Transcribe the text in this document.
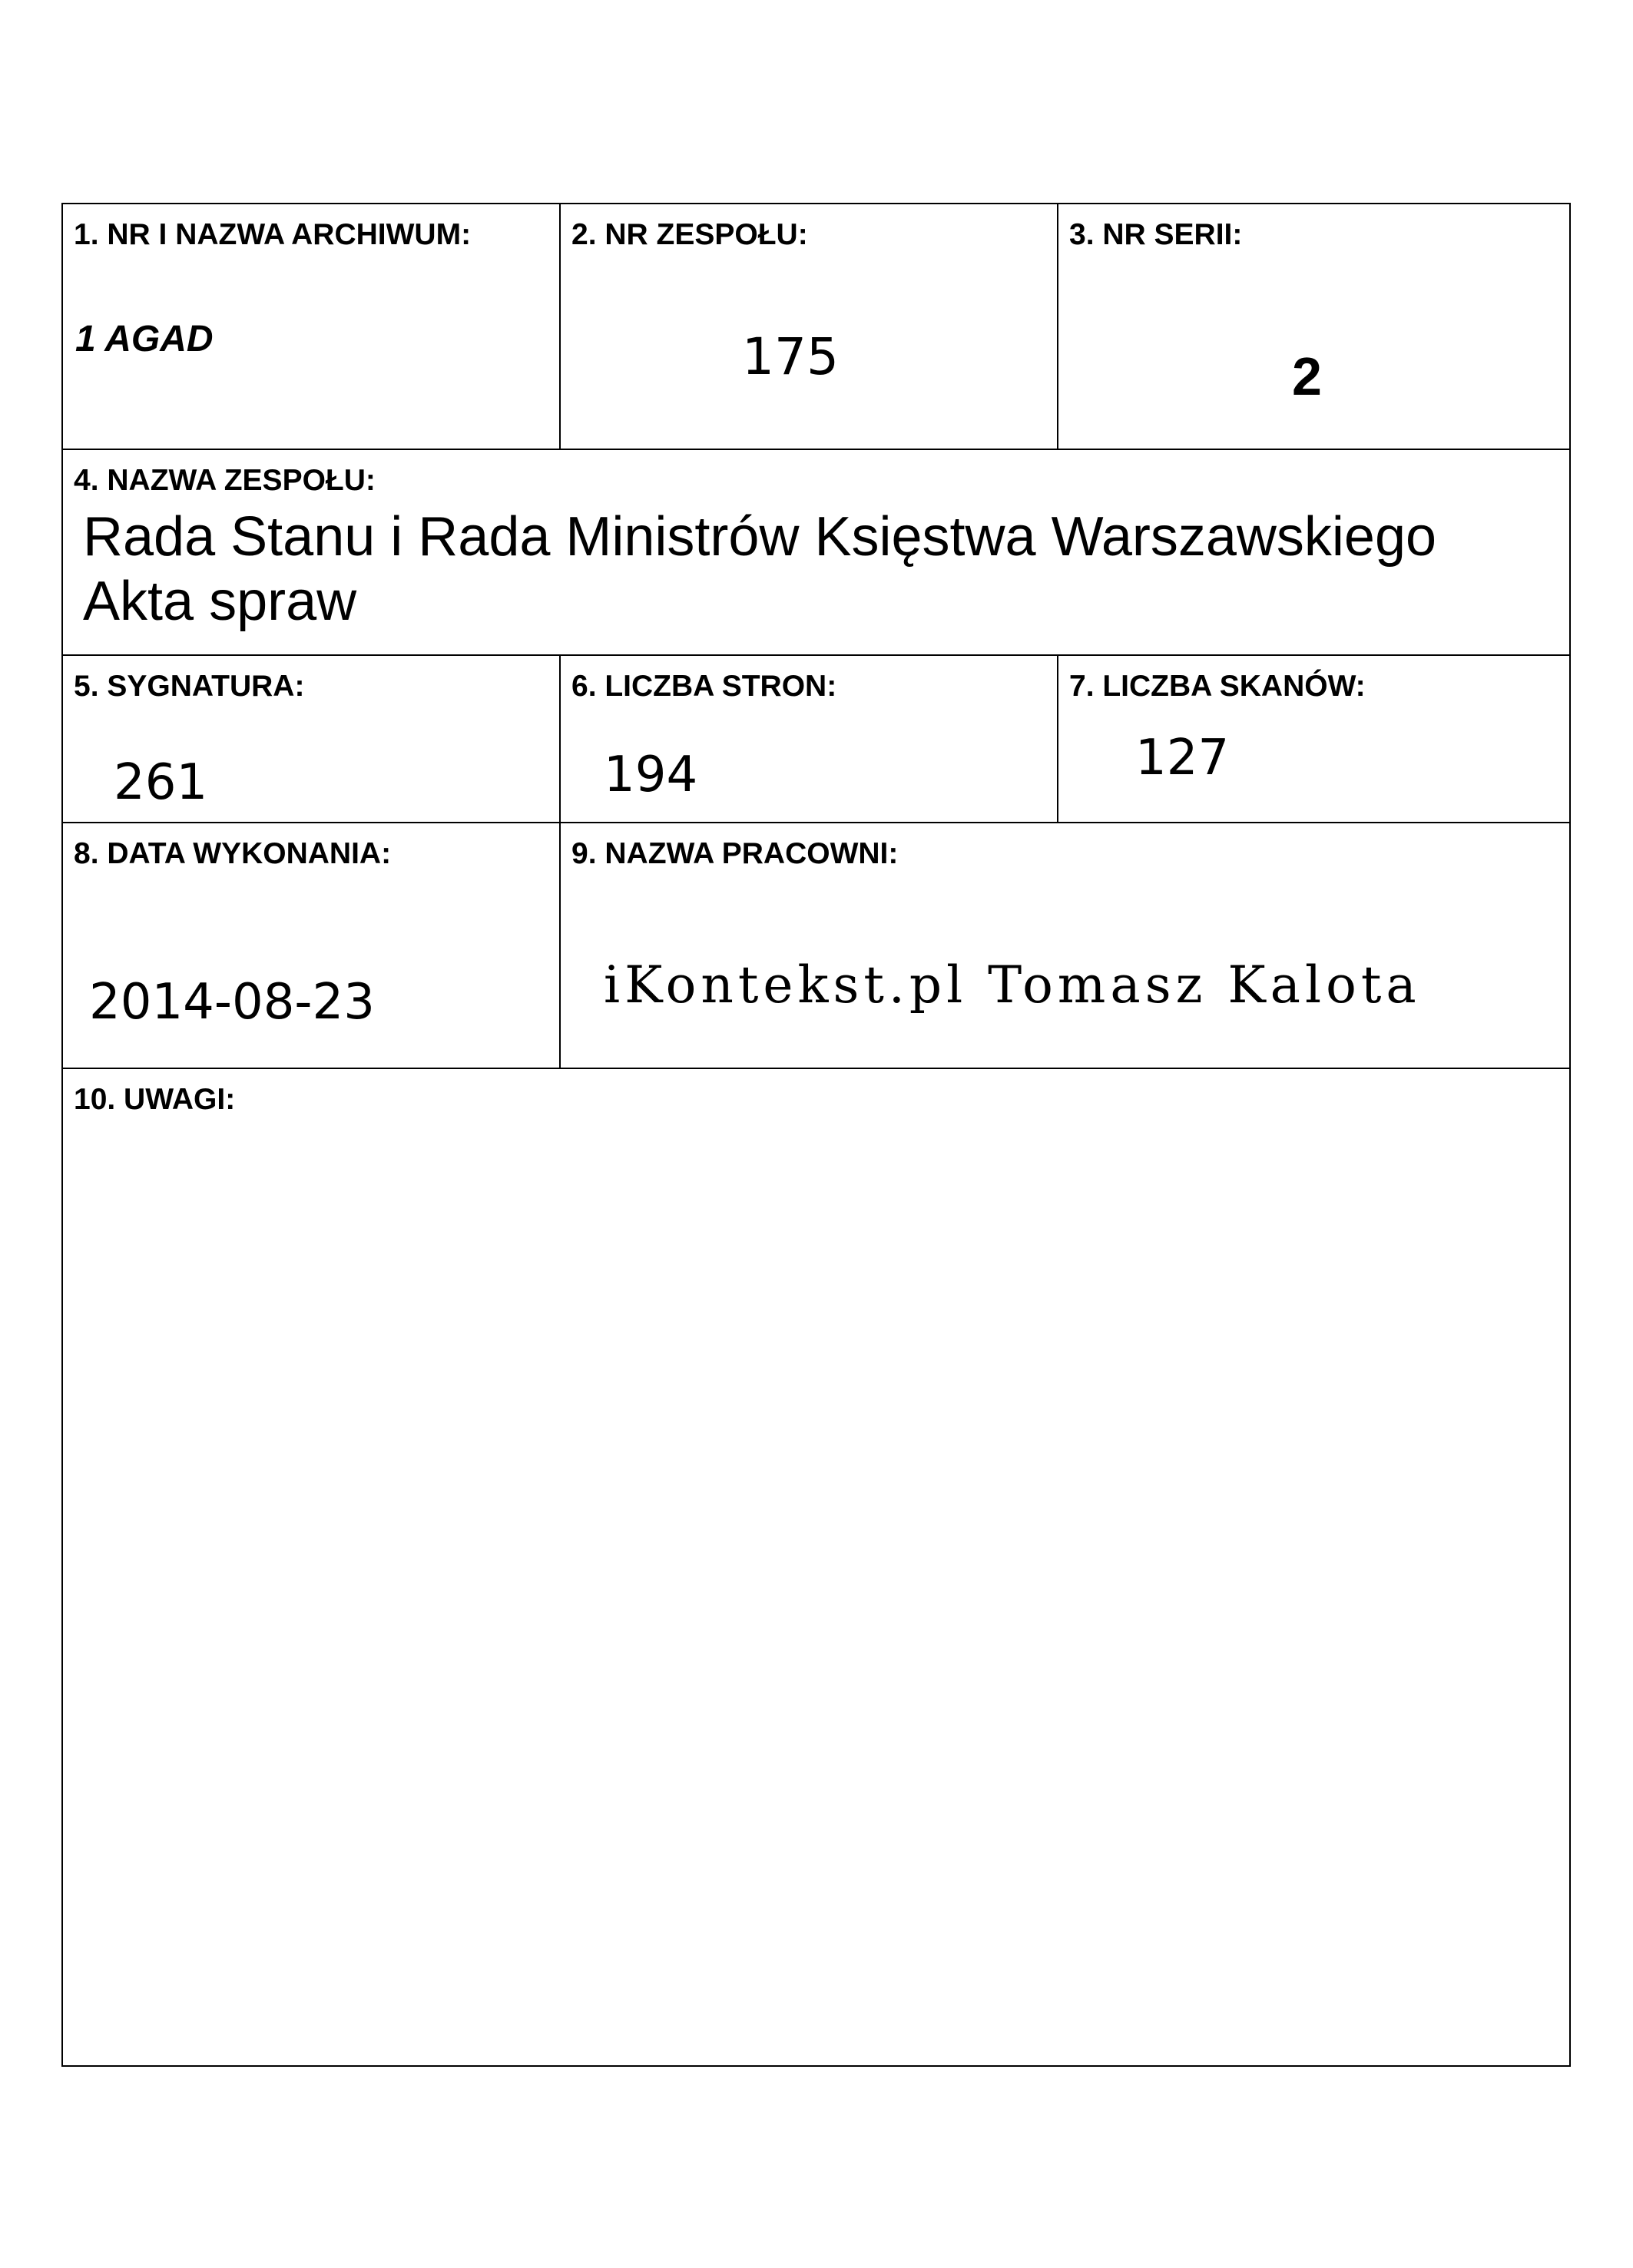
1. NR I NAZWA ARCHIWUM:
1 AGAD
2. NR ZESPOŁU:
175
3. NR SERII:
2
4. NAZWA ZESPOŁU:
Rada Stanu i Rada Ministrów Księstwa Warszawskiego
Akta spraw
5. SYGNATURA:
261
6. LICZBA STRON:
194
7. LICZBA SKANÓW:
127
8. DATA WYKONANIA:
2014-08-23
9. NAZWA PRACOWNI:
iKontekst.pl Tomasz Kalota
10. UWAGI:
